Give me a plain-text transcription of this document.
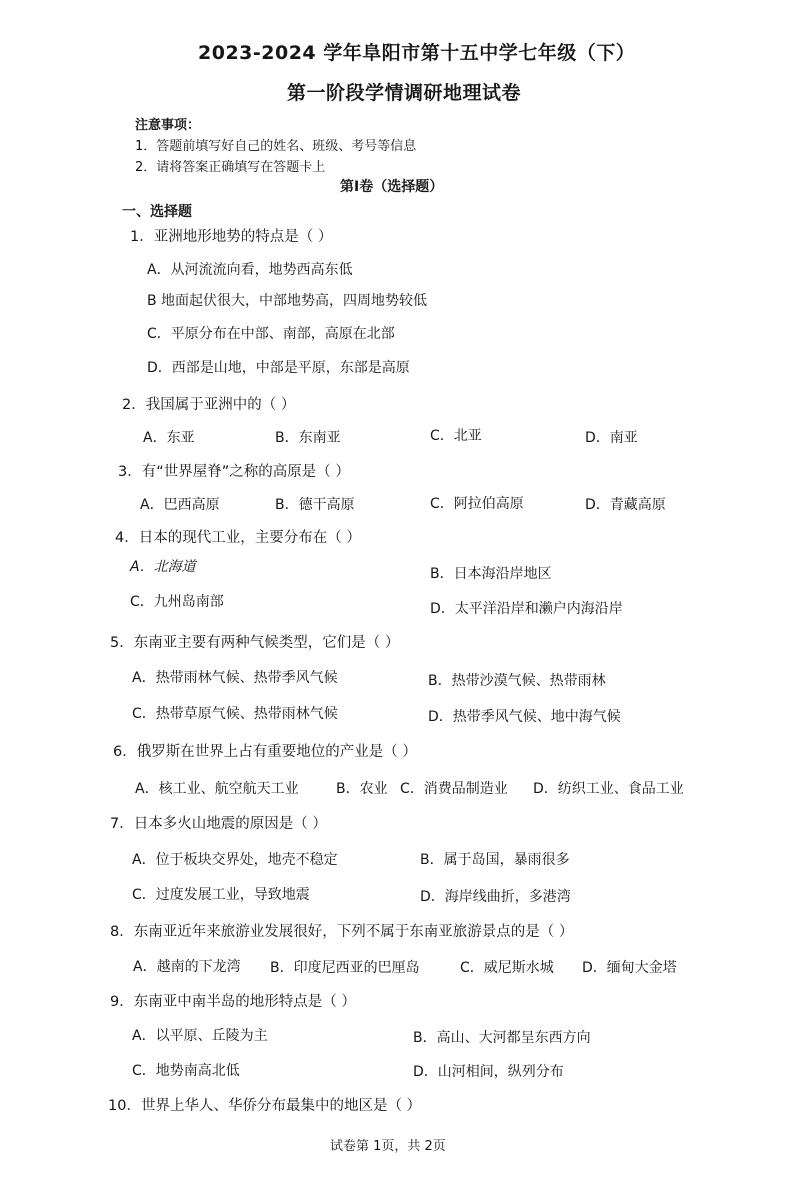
2023-2024 学年阜阳市第十五中学七年级（下）
第一阶段学情调研地理试卷
注意事项：
1．答题前填写好自己的姓名、班级、考号等信息
2．请将答案正确填写在答题卡上
第Ⅰ卷（选择题）
一、选择题
1．亚洲地形地势的特点是（ ）
A．从河流流向看，地势西高东低
B 地面起伏很大，中部地势高，四周地势较低
C．平原分布在中部、南部，高原在北部
D．西部是山地，中部是平原，东部是高原
2．我国属于亚洲中的（ ）
A．东亚	B．东南亚	C．北亚	D．南亚
3．有“世界屋脊”之称的高原是（ ）
A．巴西高原	B．德干高原	C．阿拉伯高原	D．青藏高原
4．日本的现代工业，主要分布在（ ）
A．北海道	B．日本海沿岸地区
C．九州岛南部	D．太平洋沿岸和濑户内海沿岸
5．东南亚主要有两种气候类型，它们是（ ）
A．热带雨林气候、热带季风气候	B．热带沙漠气候、热带雨林
C．热带草原气候、热带雨林气候	D．热带季风气候、地中海气候
6．俄罗斯在世界上占有重要地位的产业是（ ）
A．核工业、航空航天工业	B．农业 C．消费品制造业 D．纺织工业、食品工业
7．日本多火山地震的原因是（ ）
A．位于板块交界处，地壳不稳定	B．属于岛国，暴雨很多
C．过度发展工业，导致地震	D．海岸线曲折，多港湾
8．东南亚近年来旅游业发展很好，下列不属于东南亚旅游景点的是（ ）
A．越南的下龙湾 B．印度尼西亚的巴厘岛	C．威尼斯水城 D．缅甸大金塔
9．东南亚中南半岛的地形特点是（ ）
A．以平原、丘陵为主	B．高山、大河都呈东西方向
C．地势南高北低	D．山河相间，纵列分布
10．世界上华人、华侨分布最集中的地区是（ ）
试卷第 1页，共 2页
